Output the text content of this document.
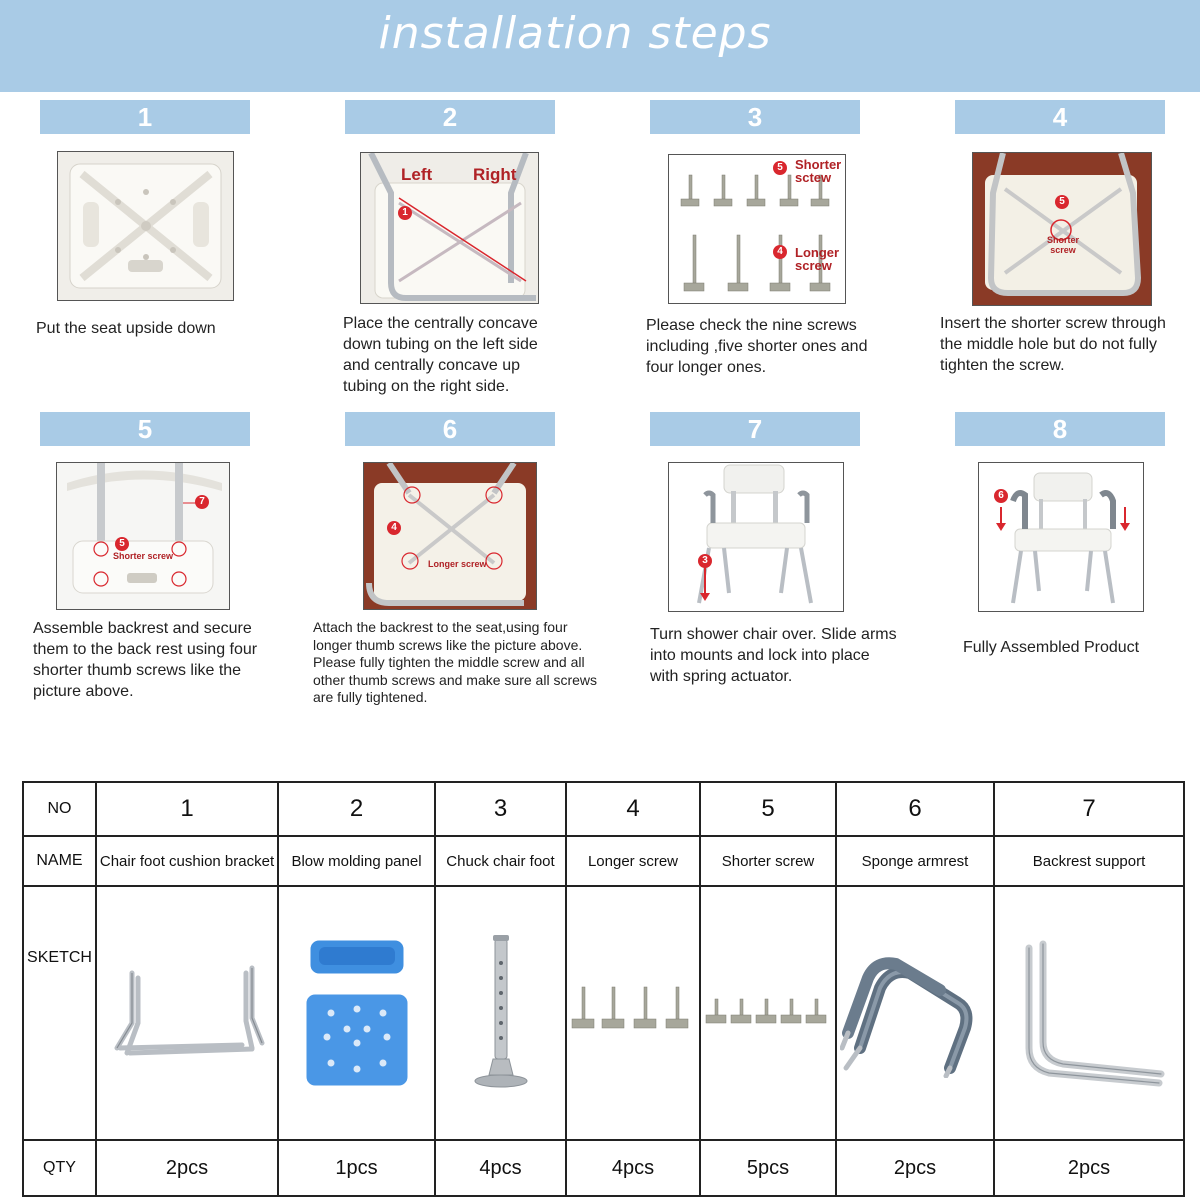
installation steps
1
Put the seat upside down
2
Left Right
1
Place the centrally concave down tubing on the left side and centrally concave up tubing on the right side.
3
5 Shorter sctew
4 Longer screw
Please check the nine screws including ,five shorter ones and four longer ones.
4
5
Shorter screw
Insert the shorter screw through the middle hole but do not fully tighten the screw.
5
7
5
Shorter screw
Assemble backrest and secure them to the back rest using four shorter thumb screws like the picture above.
6
4
Longer screw

Attach the backrest to the seat,using four longer thumb screws like the picture above.

Please fully tighten the middle screw and all other thumb screws and make sure all screws are fully tightened.

7
3
Turn shower chair over. Slide arms into mounts and lock into place with spring actuator.
8
6
Fully Assembled Product
NO	1	2	3	4	5	6	7
NAME	Chair foot cushion bracket	Blow molding panel	Chuck chair foot	Longer screw	Shorter screw	Sponge armrest	Backrest support
SKETCH	

QTY	2pcs	1pcs	4pcs	4pcs	5pcs	2pcs	2pcs
